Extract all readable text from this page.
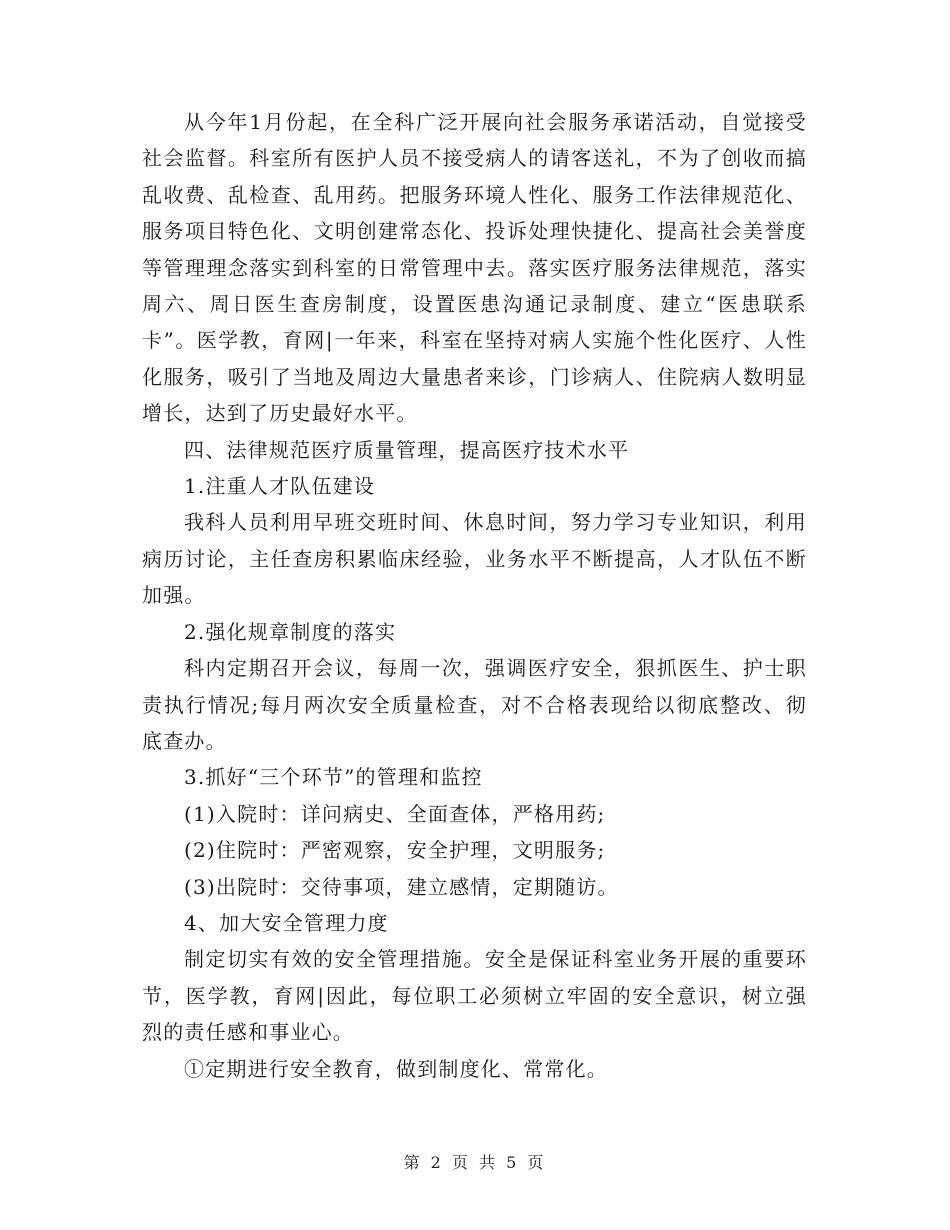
从今年1月份起，在全科广泛开展向社会服务承诺活动，自觉接受社会监督。科室所有医护人员不接受病人的请客送礼，不为了创收而搞乱收费、乱检查、乱用药。把服务环境人性化、服务工作法律规范化、服务项目特色化、文明创建常态化、投诉处理快捷化、提高社会美誉度等管理理念落实到科室的日常管理中去。落实医疗服务法律规范，落实周六、周日医生查房制度，设置医患沟通记录制度、建立“医患联系卡”。医学教，育网|一年来，科室在坚持对病人实施个性化医疗、人性化服务，吸引了当地及周边大量患者来诊，门诊病人、住院病人数明显增长，达到了历史最好水平。

四、法律规范医疗质量管理，提高医疗技术水平

1.注重人才队伍建设

我科人员利用早班交班时间、休息时间，努力学习专业知识，利用病历讨论，主任查房积累临床经验，业务水平不断提高，人才队伍不断加强。

2.强化规章制度的落实

科内定期召开会议，每周一次，强调医疗安全，狠抓医生、护士职责执行情况;每月两次安全质量检查，对不合格表现给以彻底整改、彻底查办。

3.抓好“三个环节”的管理和监控

(1)入院时：详问病史、全面查体，严格用药;

(2)住院时：严密观察，安全护理，文明服务;

(3)出院时：交待事项，建立感情，定期随访。

4、加大安全管理力度

制定切实有效的安全管理措施。安全是保证科室业务开展的重要环节，医学教，育网|因此，每位职工必须树立牢固的安全意识，树立强烈的责任感和事业心。

①定期进行安全教育，做到制度化、常常化。

第 2 页 共 5 页
